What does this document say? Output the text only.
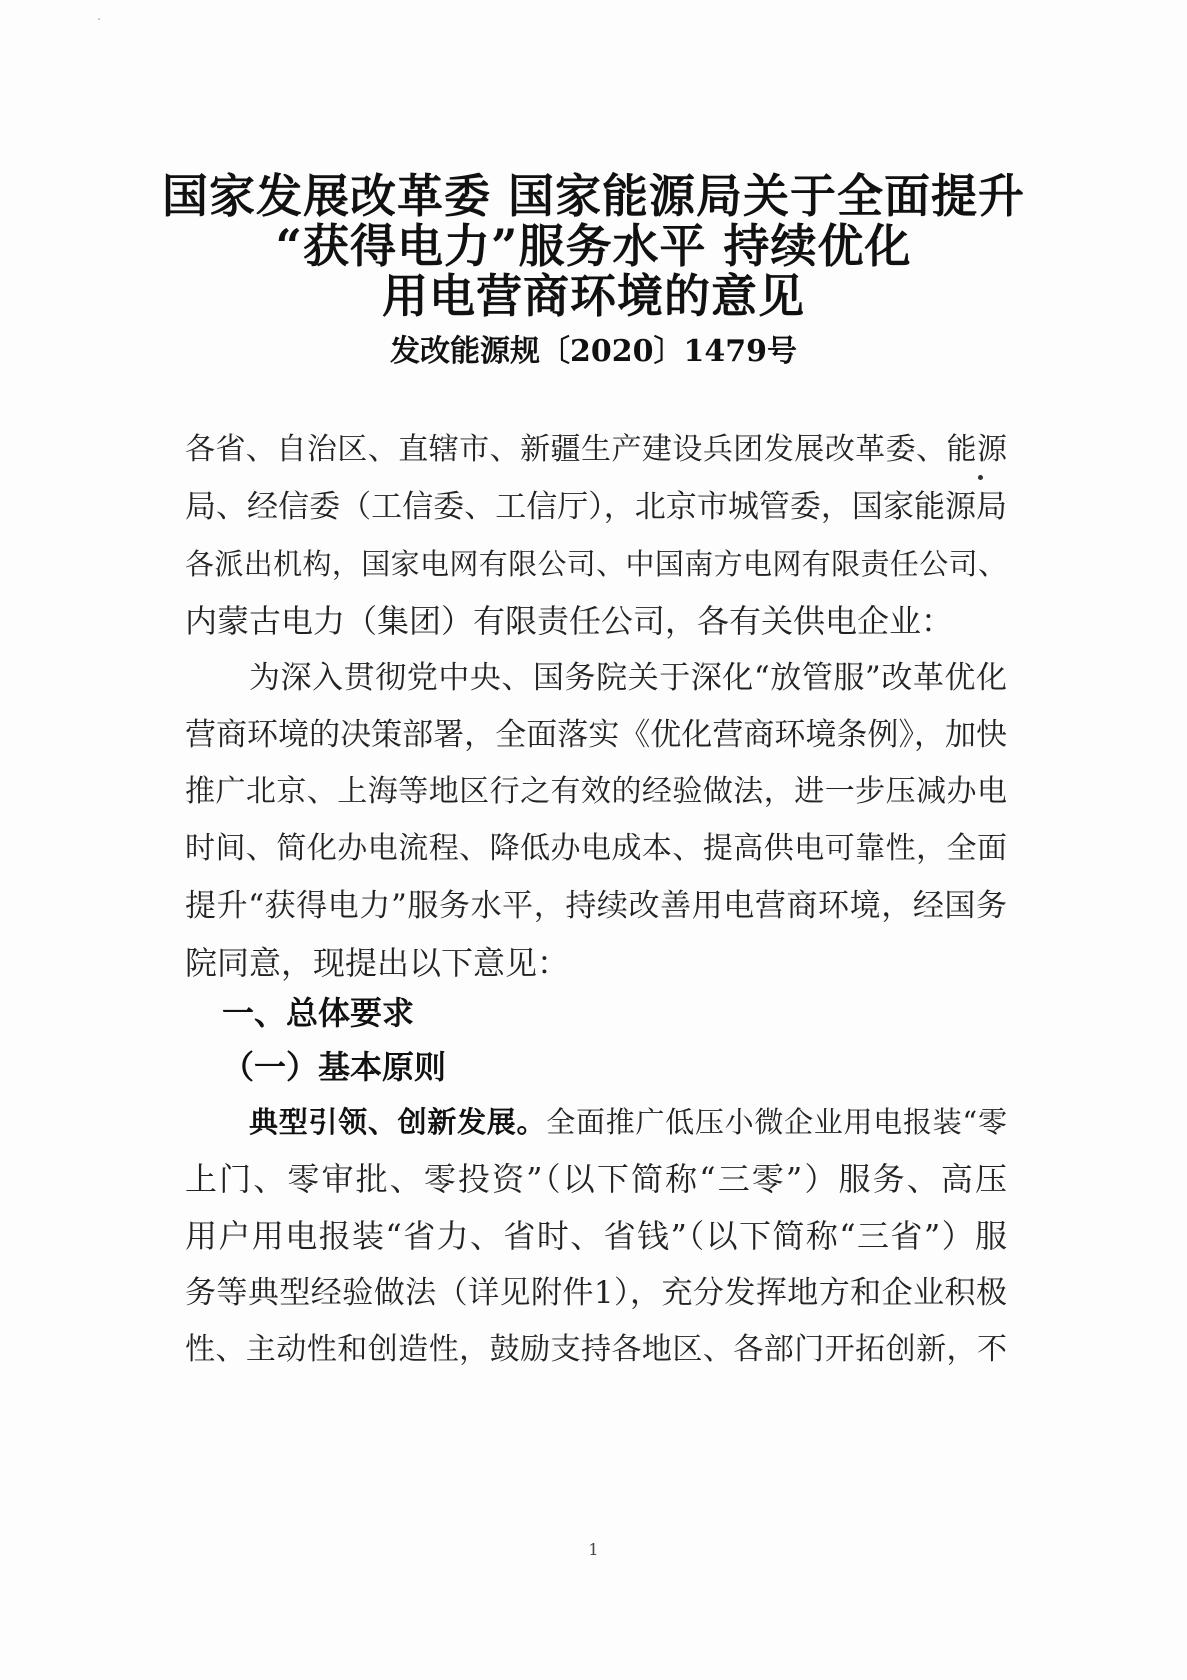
国家发展改革委 国家能源局关于全面提升
“获得电力”服务水平 持续优化
用电营商环境的意见
发改能源规〔2020〕1479号
各省、自治区、直辖市、新疆生产建设兵团发展改革委、能源
局、经信委（工信委、工信厅），北京市城管委，国家能源局
各派出机构，国家电网有限公司、中国南方电网有限责任公司、
内蒙古电力（集团）有限责任公司，各有关供电企业：
为深入贯彻党中央、国务院关于深化“放管服”改革优化
营商环境的决策部署，全面落实《优化营商环境条例》，加快
推广北京、上海等地区行之有效的经验做法，进一步压减办电
时间、简化办电流程、降低办电成本、提高供电可靠性，全面
提升“获得电力”服务水平，持续改善用电营商环境，经国务
院同意，现提出以下意见：
一、总体要求
（一）基本原则
典型引领、创新发展。全面推广低压小微企业用电报装“零
上门、零审批、零投资”（以下简称“三零”）服务、高压
用户用电报装“省力、省时、省钱”（以下简称“三省”）服
务等典型经验做法（详见附件1），充分发挥地方和企业积极
性、主动性和创造性，鼓励支持各地区、各部门开拓创新，不
1
